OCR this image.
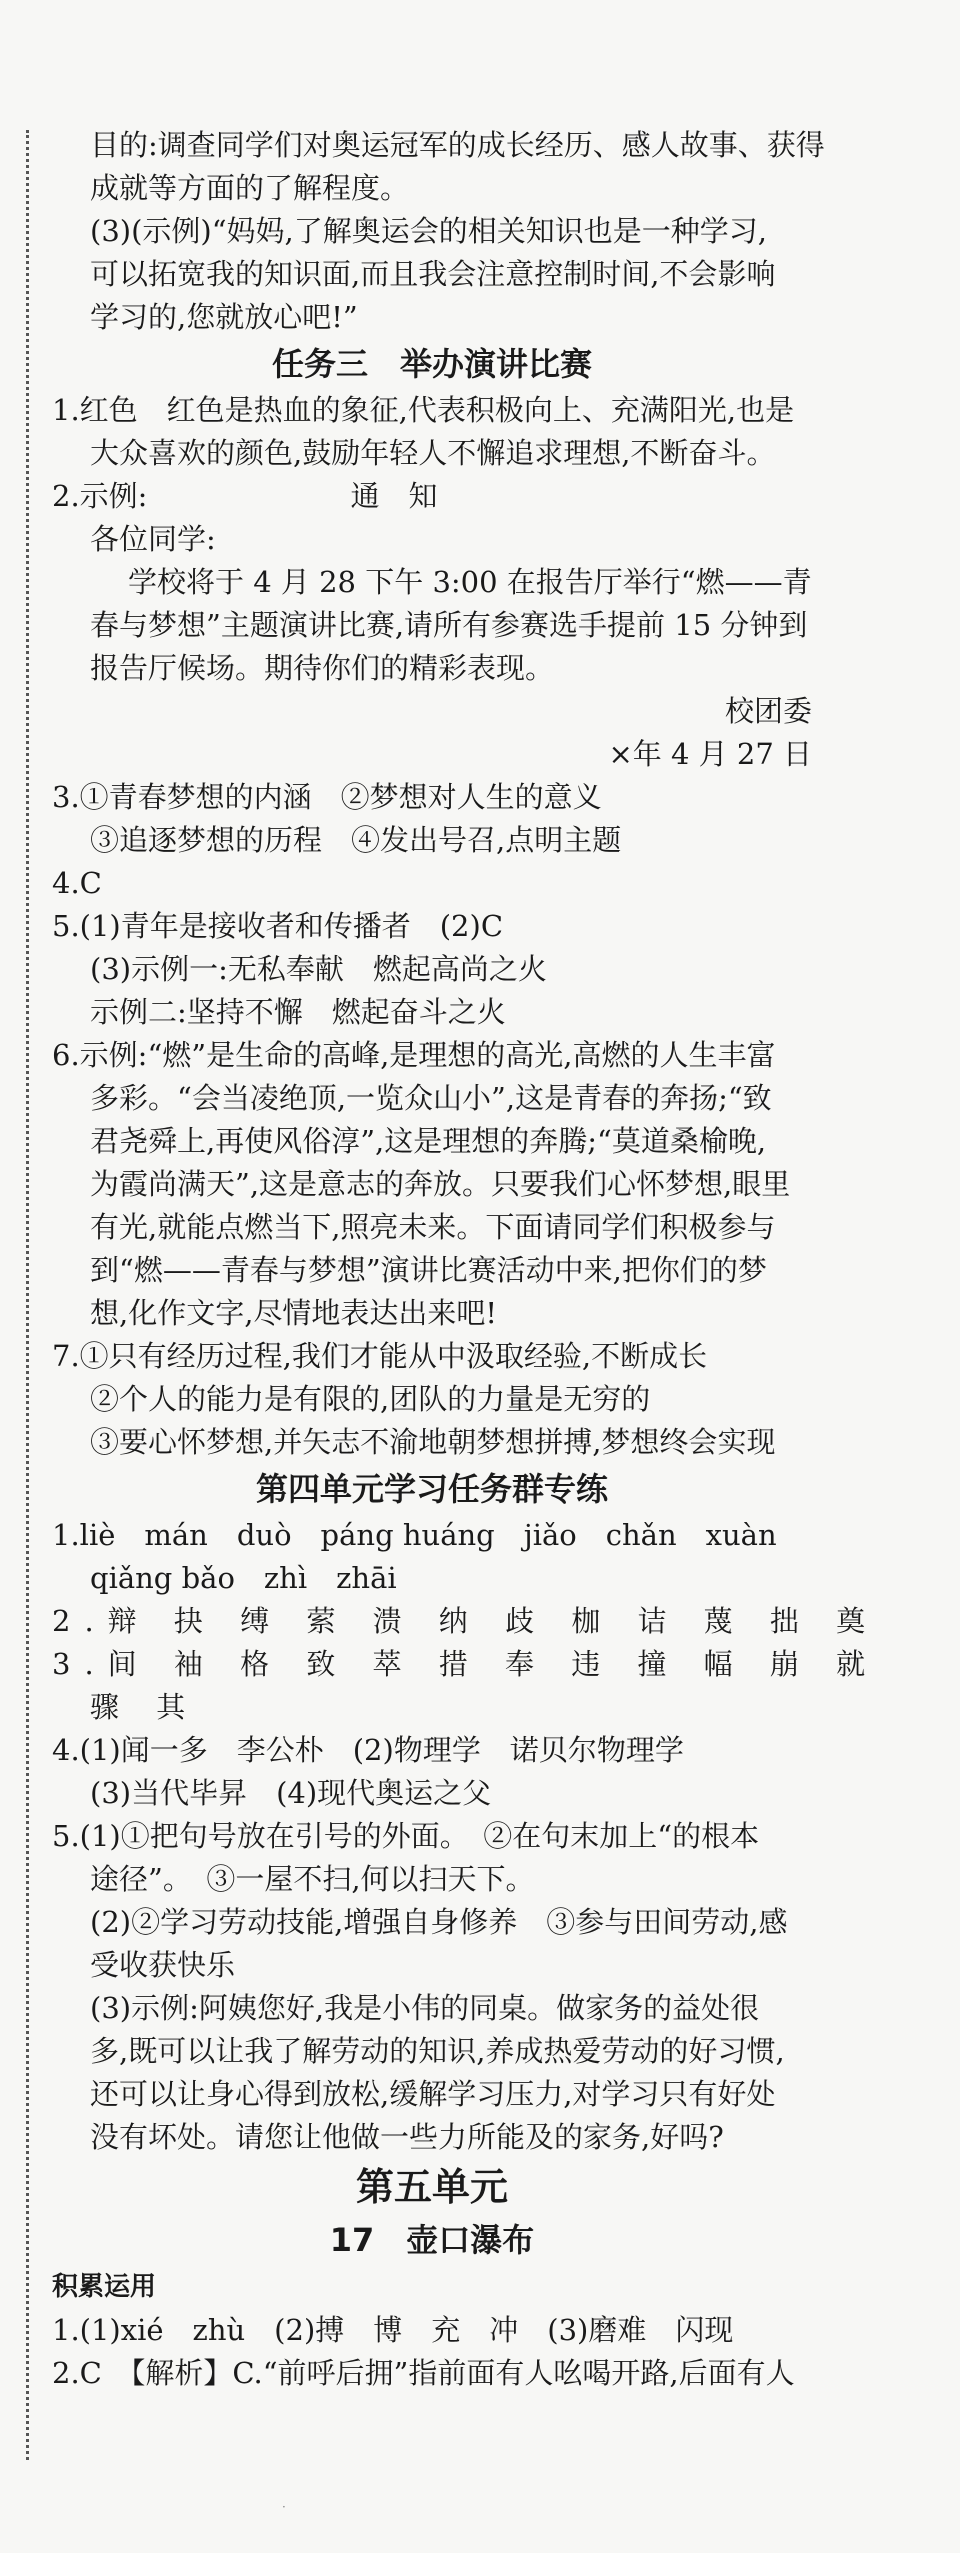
目的:调查同学们对奥运冠军的成长经历、感人故事、获得
成就等方面的了解程度。
(3)(示例)“妈妈,了解奥运会的相关知识也是一种学习,
可以拓宽我的知识面,而且我会注意控制时间,不会影响
学习的,您就放心吧!”
任务三　举办演讲比赛
1.红色　红色是热血的象征,代表积极向上、充满阳光,也是
大众喜欢的颜色,鼓励年轻人不懈追求理想,不断奋斗。
2.示例:　　　　　　　通　知
各位同学:
学校将于 4 月 28 下午 3:00 在报告厅举行“燃——青
春与梦想”主题演讲比赛,请所有参赛选手提前 15 分钟到
报告厅候场。期待你们的精彩表现。
校团委
×年 4 月 27 日
3.①青春梦想的内涵　②梦想对人生的意义
③追逐梦想的历程　④发出号召,点明主题
4.C
5.(1)青年是接收者和传播者　(2)C
(3)示例一:无私奉献　燃起高尚之火
示例二:坚持不懈　燃起奋斗之火
6.示例:“燃”是生命的高峰,是理想的高光,高燃的人生丰富
多彩。“会当凌绝顶,一览众山小”,这是青春的奔扬;“致
君尧舜上,再使风俗淳”,这是理想的奔腾;“莫道桑榆晚,
为霞尚满天”,这是意志的奔放。只要我们心怀梦想,眼里
有光,就能点燃当下,照亮未来。下面请同学们积极参与
到“燃——青春与梦想”演讲比赛活动中来,把你们的梦
想,化作文字,尽情地表达出来吧!
7.①只有经历过程,我们才能从中汲取经验,不断成长
②个人的能力是有限的,团队的力量是无穷的
③要心怀梦想,并矢志不渝地朝梦想拼搏,梦想终会实现
第四单元学习任务群专练
1.liè　mán　duò　páng huáng　jiǎo　chǎn　xuàn
qiǎng bǎo　zhì　zhāi
2.辩 抉 缚 萦 溃 纳 歧 枷 诘 蔑 拙 奠
3.间 袖 格 致 萃 措 奉 违 撞 幅 崩 就
骤 其
4.(1)闻一多　李公朴　(2)物理学　诺贝尔物理学
(3)当代毕昇　(4)现代奥运之父
5.(1)①把句号放在引号的外面。　②在句末加上“的根本
途径”。　③一屋不扫,何以扫天下。
(2)②学习劳动技能,增强自身修养　③参与田间劳动,感
受收获快乐
(3)示例:阿姨您好,我是小伟的同桌。做家务的益处很
多,既可以让我了解劳动的知识,养成热爱劳动的好习惯,
还可以让身心得到放松,缓解学习压力,对学习只有好处
没有坏处。请您让他做一些力所能及的家务,好吗?
第五单元
17　壶口瀑布
积累运用
1.(1)xié　zhù　(2)搏　博　充　冲　(3)磨难　闪现
2.C　【解析】C.“前呼后拥”指前面有人吆喝开路,后面有人
·
